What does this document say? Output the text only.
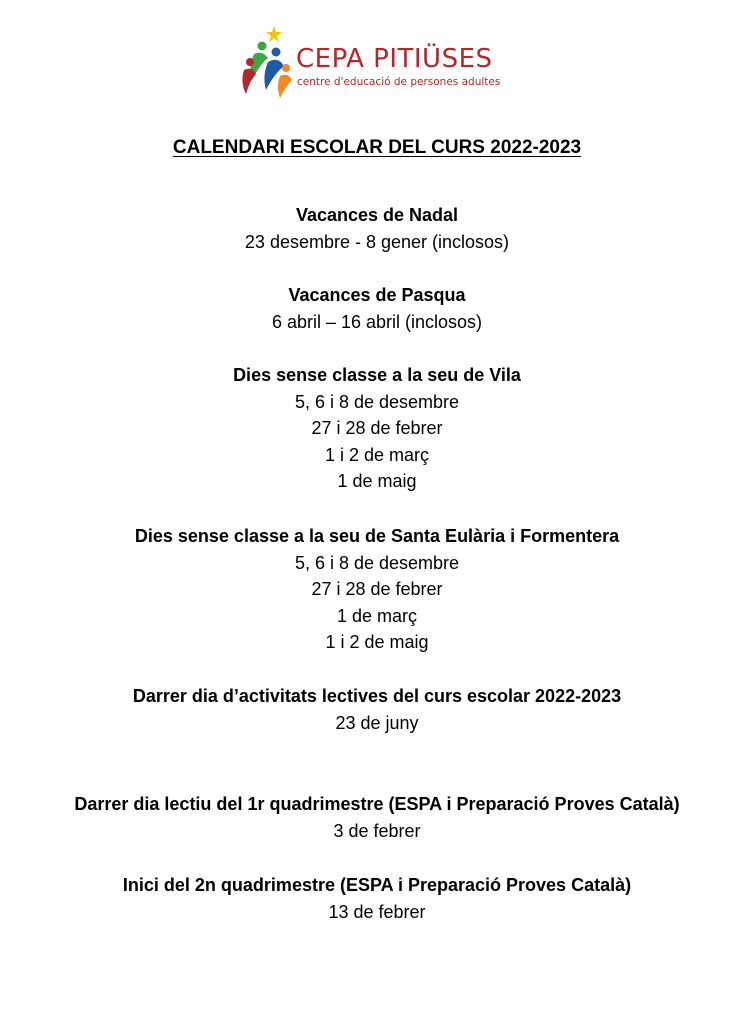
CEPA PITIÜSES
centre d'educació de persones adultes
CALENDARI ESCOLAR DEL CURS 2022-2023
Vacances de Nadal
23 desembre - 8 gener (inclosos)
Vacances de Pasqua
6 abril – 16 abril (inclosos)
Dies sense classe a la seu de Vila
5, 6 i 8 de desembre
27 i 28 de febrer
1 i 2 de març
1 de maig
Dies sense classe a la seu de Santa Eulària i Formentera
5, 6 i 8 de desembre
27 i 28 de febrer
1 de març
1 i 2 de maig
Darrer dia d’activitats lectives del curs escolar 2022-2023
23 de juny
Darrer dia lectiu del 1r quadrimestre (ESPA i Preparació Proves Català)
3 de febrer
Inici del 2n quadrimestre (ESPA i Preparació Proves Català)
13 de febrer
